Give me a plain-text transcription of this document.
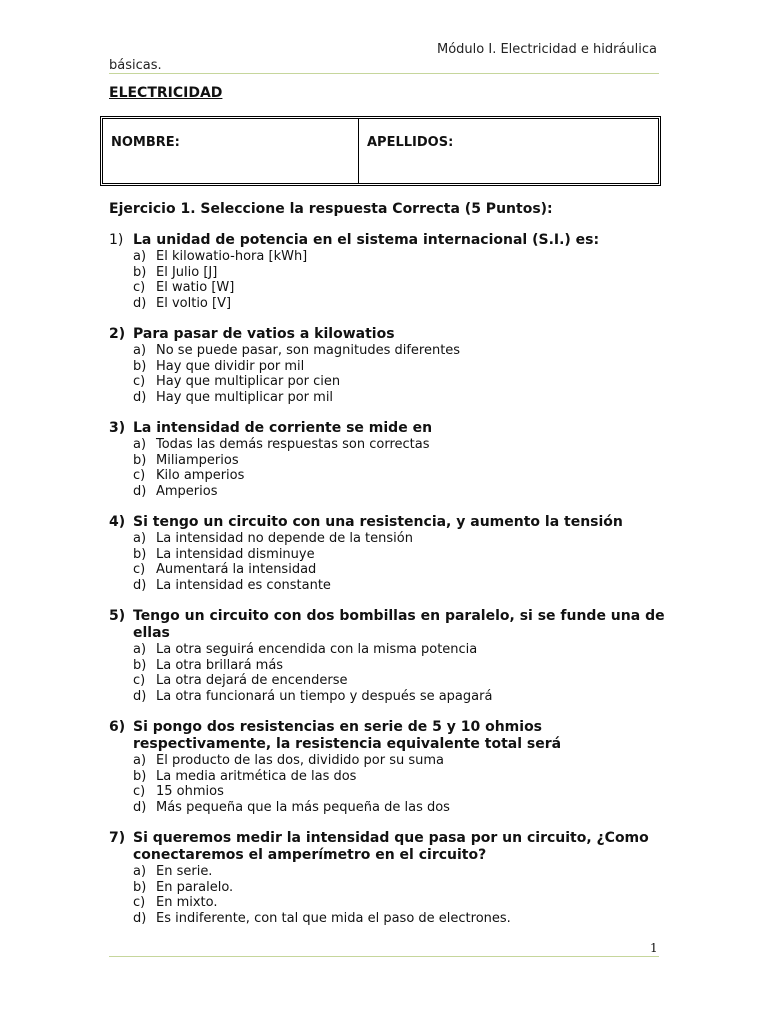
Módulo I. Electricidad e hidráulica
básicas.
ELECTRICIDAD
NOMBRE:	APELLIDOS:
Ejercicio 1. Seleccione la respuesta Correcta (5 Puntos):
1) La unidad de potencia en el sistema internacional (S.I.) es:
a) El kilowatio-hora [kWh]
b) El Julio [J]
c) El watio [W]
d) El voltio [V]
2) Para pasar de vatios a kilowatios
a) No se puede pasar, son magnitudes diferentes
b) Hay que dividir por mil
c) Hay que multiplicar por cien
d) Hay que multiplicar por mil
3) La intensidad de corriente se mide en
a) Todas las demás respuestas son correctas
b) Miliamperios
c) Kilo amperios
d) Amperios
4) Si tengo un circuito con una resistencia, y aumento la tensión
a) La intensidad no depende de la tensión
b) La intensidad disminuye
c) Aumentará la intensidad
d) La intensidad es constante
5) Tengo un circuito con dos bombillas en paralelo, si se funde una de ellas
a) La otra seguirá encendida con la misma potencia
b) La otra brillará más
c) La otra dejará de encenderse
d) La otra funcionará un tiempo y después se apagará
6) Si pongo dos resistencias en serie de 5 y 10 ohmios respectivamente, la resistencia equivalente total será
a) El producto de las dos, dividido por su suma
b) La media aritmética de las dos
c) 15 ohmios
d) Más pequeña que la más pequeña de las dos
7) Si queremos medir la intensidad que pasa por un circuito, ¿Como conectaremos el amperímetro en el circuito?
a) En serie.
b) En paralelo.
c) En mixto.
d) Es indiferente, con tal que mida el paso de electrones.
1
